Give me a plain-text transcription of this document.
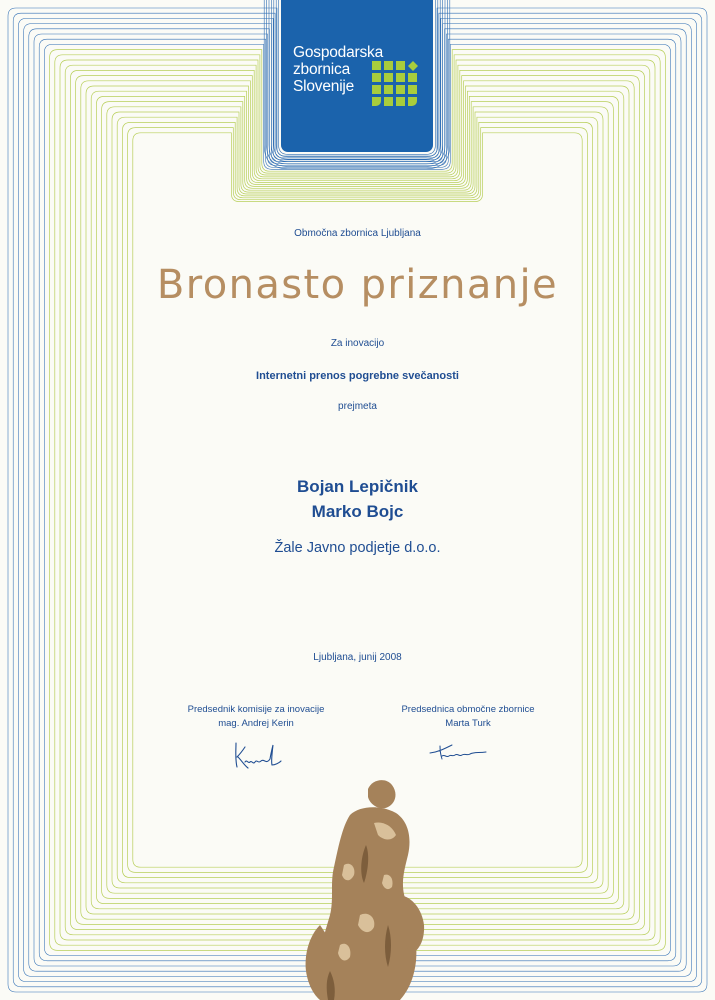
Gospodarska
zbornica
Slovenije
Območna zbornica Ljubljana
Bronasto priznanje
Za inovacijo
Internetni prenos pogrebne svečanosti
prejmeta
Bojan Lepičnik
Marko Bojc
Žale Javno podjetje d.o.o.
Ljubljana, junij 2008
Predsednik komisije za inovacije
mag. Andrej Kerin
Predsednica območne zbornice
Marta Turk
